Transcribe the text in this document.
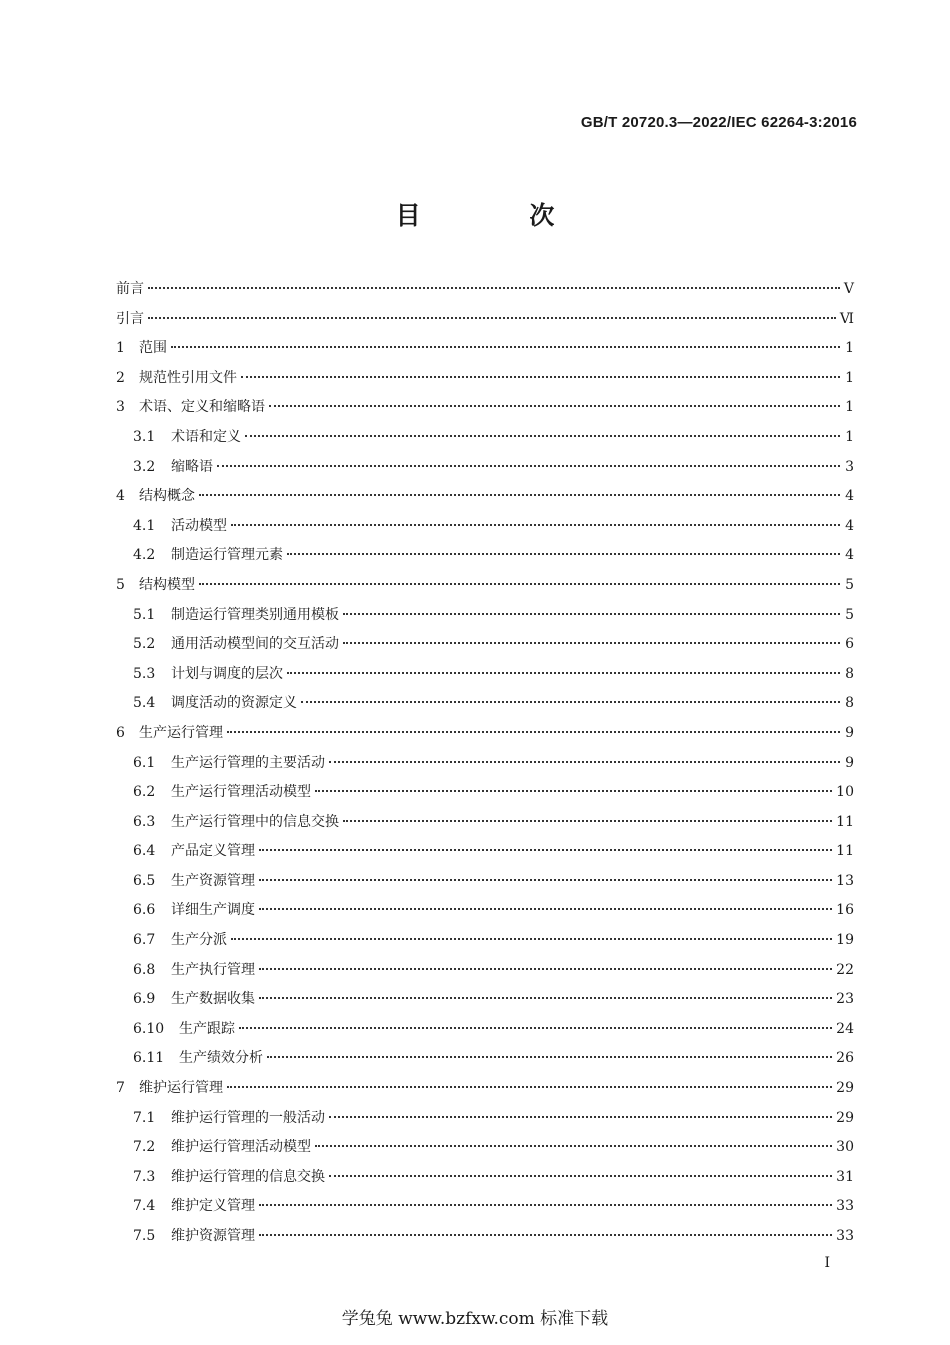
GB/T 20720.3—2022/IEC 62264-3:2016
目 次
前言	V
引言	Ⅵ
1	范围	1
2	规范性引用文件	1
3	术语、定义和缩略语	1
3.1	术语和定义	1
3.2	缩略语	3
4	结构概念	4
4.1	活动模型	4
4.2	制造运行管理元素	4
5	结构模型	5
5.1	制造运行管理类别通用模板	5
5.2	通用活动模型间的交互活动	6
5.3	计划与调度的层次	8
5.4	调度活动的资源定义	8
6	生产运行管理	9
6.1	生产运行管理的主要活动	9
6.2	生产运行管理活动模型	10
6.3	生产运行管理中的信息交换	11
6.4	产品定义管理	11
6.5	生产资源管理	13
6.6	详细生产调度	16
6.7	生产分派	19
6.8	生产执行管理	22
6.9	生产数据收集	23
6.10	生产跟踪	24
6.11	生产绩效分析	26
7	维护运行管理	29
7.1	维护运行管理的一般活动	29
7.2	维护运行管理活动模型	30
7.3	维护运行管理的信息交换	31
7.4	维护定义管理	33
7.5	维护资源管理	33
I
学兔兔 www.bzfxw.com 标准下载
